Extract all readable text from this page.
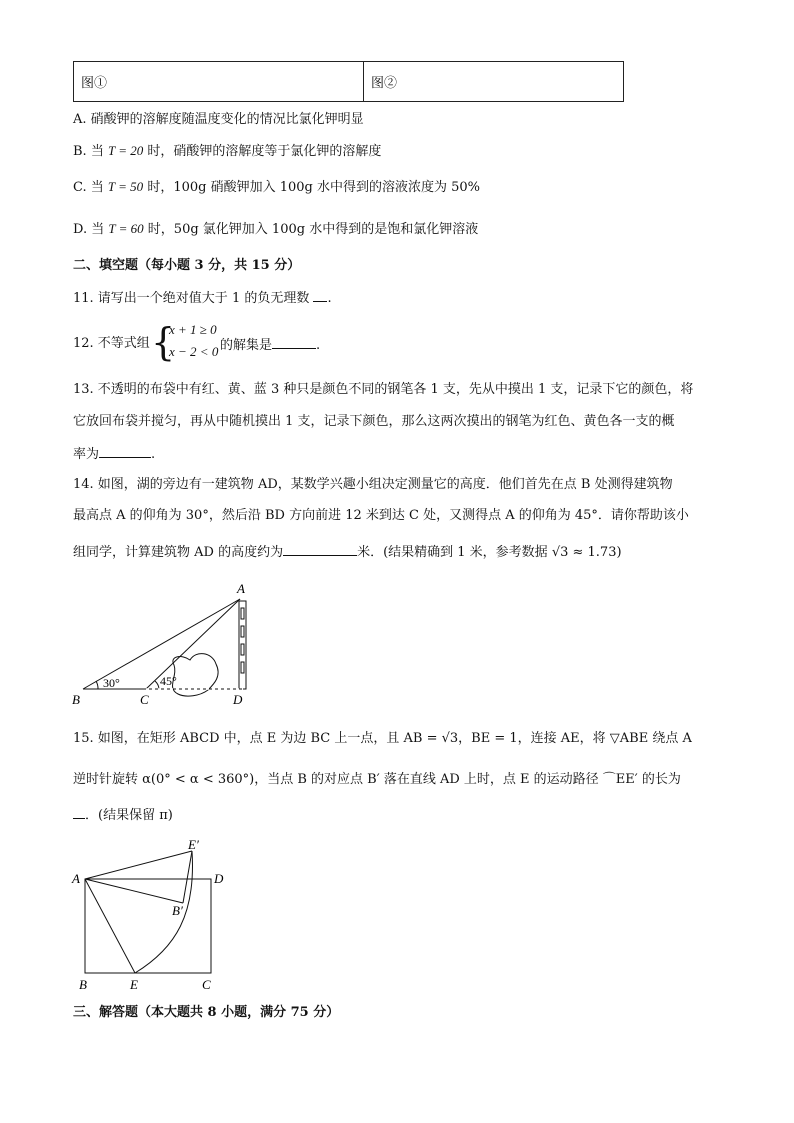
图①	图②
A. 硝酸钾的溶解度随温度变化的情况比氯化钾明显
B. 当 T = 20 时，硝酸钾的溶解度等于氯化钾的溶解度
C. 当 T = 50 时，100g 硝酸钾加入 100g 水中得到的溶液浓度为 50%
D. 当 T = 60 时，50g 氯化钾加入 100g 水中得到的是饱和氯化钾溶液
二、填空题（每小题 3 分，共 15 分）
11. 请写出一个绝对值大于 1 的负无理数 .
12. 不等式组 {
x + 1 ≥ 0
x − 2 < 0 的解集是	.
13. 不透明的布袋中有红、黄、蓝 3 种只是颜色不同的钢笔各 1 支，先从中摸出 1 支，记录下它的颜色，将
它放回布袋并搅匀，再从中随机摸出 1 支，记录下颜色，那么这两次摸出的钢笔为红色、黄色各一支的概
率为	.
14. 如图，湖的旁边有一建筑物 AD，某数学兴趣小组决定测量它的高度．他们首先在点 B 处测得建筑物
最高点 A 的仰角为 30°，然后沿 BD 方向前进 12 米到达 C 处，又测得点 A 的仰角为 45°．请你帮助该小
组同学，计算建筑物 AD 的高度约为	米．(结果精确到 1 米，参考数据 √3 ≈ 1.73)
A
B	C	D
30°	45°
15. 如图，在矩形 ABCD 中，点 E 为边 BC 上一点，且 AB = √3，BE = 1，连接 AE，将 ▽ABE 绕点 A
逆时针旋转 α(0° < α < 360°)，当点 B 的对应点 B′ 落在直线 AD 上时，点 E 的运动路径 ⌒EE′ 的长为
．(结果保留 π)
A	D
B	E	C
E′
B′
三、解答题（本大题共 8 小题，满分 75 分）
